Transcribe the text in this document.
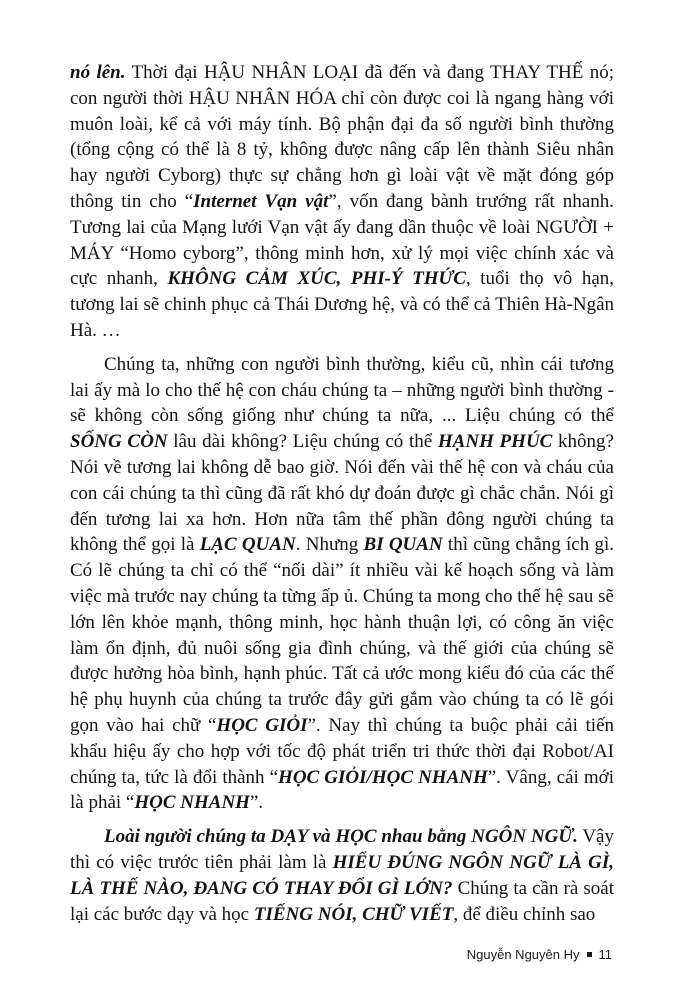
nó lên. Thời đại HẬU NHÂN LOẠI đã đến và đang THAY THẾ nó; con người thời HẬU NHÂN HÓA chỉ còn được coi là ngang hàng với muôn loài, kể cả với máy tính. Bộ phận đại đa số người bình thường (tổng cộng có thể là 8 tỷ, không được nâng cấp lên thành Siêu nhân hay người Cyborg) thực sự chẳng hơn gì loài vật về mặt đóng góp thông tin cho “Internet Vạn vật”, vốn đang bành trướng rất nhanh. Tương lai của Mạng lưới Vạn vật ấy đang dần thuộc về loài NGƯỜI + MÁY “Homo cyborg”, thông minh hơn, xử lý mọi việc chính xác và cực nhanh, KHÔNG CẢM XÚC, PHI-Ý THỨC, tuổi thọ vô hạn, tương lai sẽ chinh phục cả Thái Dương hệ, và có thể cả Thiên Hà-Ngân Hà. …

Chúng ta, những con người bình thường, kiểu cũ, nhìn cái tương lai ấy mà lo cho thế hệ con cháu chúng ta – những người bình thường - sẽ không còn sống giống như chúng ta nữa, ... Liệu chúng có thể SỐNG CÒN lâu dài không? Liệu chúng có thể HẠNH PHÚC không? Nói về tương lai không dễ bao giờ. Nói đến vài thế hệ con và cháu của con cái chúng ta thì cũng đã rất khó dự đoán được gì chắc chắn. Nói gì đến tương lai xa hơn. Hơn nữa tâm thế phần đông người chúng ta không thể gọi là LẠC QUAN. Nhưng BI QUAN thì cũng chẳng ích gì. Có lẽ chúng ta chỉ có thể “nối dài” ít nhiều vài kế hoạch sống và làm việc mà trước nay chúng ta từng ấp ủ. Chúng ta mong cho thế hệ sau sẽ lớn lên khỏe mạnh, thông minh, học hành thuận lợi, có công ăn việc làm ổn định, đủ nuôi sống gia đình chúng, và thế giới của chúng sẽ được hưởng hòa bình, hạnh phúc. Tất cả ước mong kiểu đó của các thế hệ phụ huynh của chúng ta trước đây gửi gắm vào chúng ta có lẽ gói gọn vào hai chữ “HỌC GIỎI”. Nay thì chúng ta buộc phải cải tiến khẩu hiệu ấy cho hợp với tốc độ phát triển tri thức thời đại Robot/AI chúng ta, tức là đổi thành “HỌC GIỎI/HỌC NHANH”. Vâng, cái mới là phải “HỌC NHANH”.

Loài người chúng ta DẠY và HỌC nhau bằng NGÔN NGỮ. Vậy thì có việc trước tiên phải làm là HIỂU ĐÚNG NGÔN NGỮ LÀ GÌ, LÀ THẾ NÀO, ĐANG CÓ THAY ĐỔI GÌ LỚN? Chúng ta cần rà soát lại các bước dạy và học TIẾNG NÓI, CHỮ VIẾT, để điều chỉnh sao

Nguyễn Nguyên Hy 11
